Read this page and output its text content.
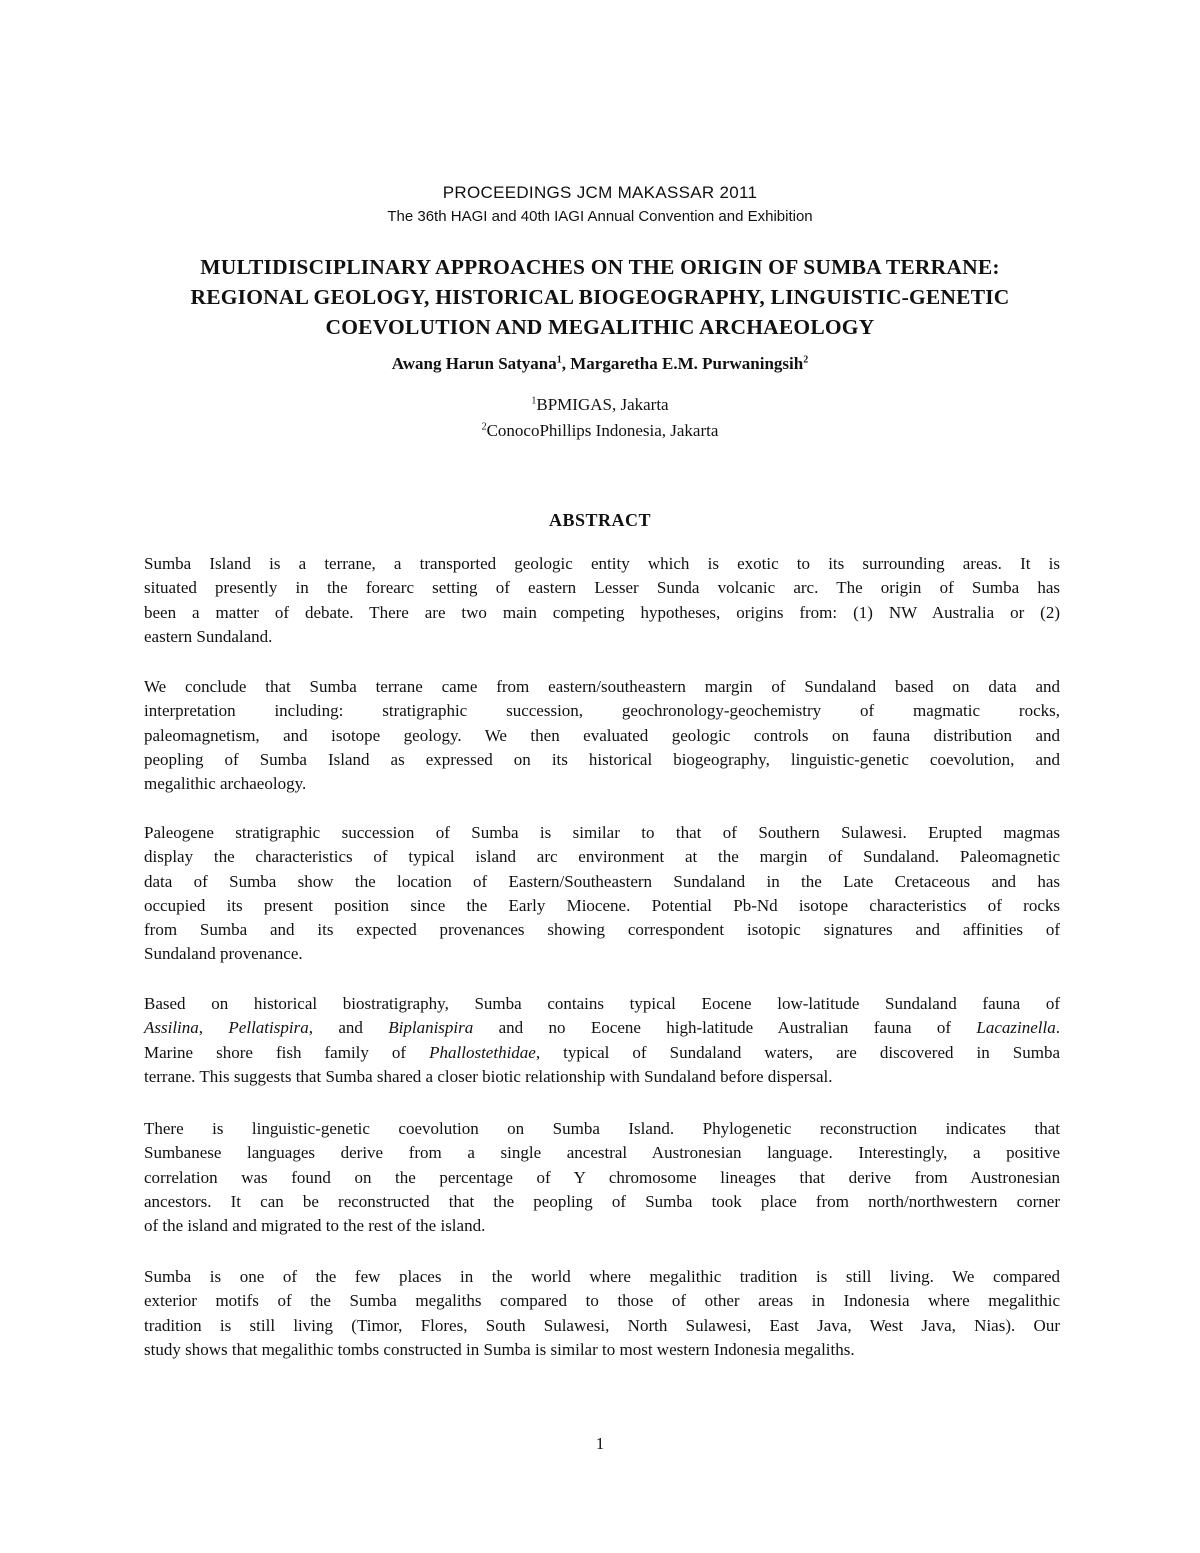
PROCEEDINGS JCM MAKASSAR 2011
The 36th HAGI and 40th IAGI Annual Convention and Exhibition
MULTIDISCIPLINARY APPROACHES ON THE ORIGIN OF SUMBA TERRANE:
REGIONAL GEOLOGY, HISTORICAL BIOGEOGRAPHY, LINGUISTIC-GENETIC
COEVOLUTION AND MEGALITHIC ARCHAEOLOGY
Awang Harun Satyana$^1$, Margaretha E.M. Purwaningsih$^2$
$^1$BPMIGAS, Jakarta
$^2$ConocoPhillips Indonesia, Jakarta
ABSTRACT
Sumba Island is a terrane, a transported geologic entity which is exotic to its surrounding areas. It is
situated presently in the forearc setting of eastern Lesser Sunda volcanic arc. The origin of Sumba has
been a matter of debate. There are two main competing hypotheses, origins from: (1) NW Australia or (2)
eastern Sundaland.
We conclude that Sumba terrane came from eastern/southeastern margin of Sundaland based on data and
interpretation including: stratigraphic succession, geochronology-geochemistry of magmatic rocks,
paleomagnetism, and isotope geology. We then evaluated geologic controls on fauna distribution and
peopling of Sumba Island as expressed on its historical biogeography, linguistic-genetic coevolution, and
megalithic archaeology.
Paleogene stratigraphic succession of Sumba is similar to that of Southern Sulawesi. Erupted magmas
display the characteristics of typical island arc environment at the margin of Sundaland. Paleomagnetic
data of Sumba show the location of Eastern/Southeastern Sundaland in the Late Cretaceous and has
occupied its present position since the Early Miocene. Potential Pb-Nd isotope characteristics of rocks
from Sumba and its expected provenances showing correspondent isotopic signatures and affinities of
Sundaland provenance.
Based on historical biostratigraphy, Sumba contains typical Eocene low-latitude Sundaland fauna of
Assilina, Pellatispira, and Biplanispira and no Eocene high-latitude Australian fauna of Lacazinella.
Marine shore fish family of Phallostethidae, typical of Sundaland waters, are discovered in Sumba
terrane. This suggests that Sumba shared a closer biotic relationship with Sundaland before dispersal.
There is linguistic-genetic coevolution on Sumba Island. Phylogenetic reconstruction indicates that
Sumbanese languages derive from a single ancestral Austronesian language. Interestingly, a positive
correlation was found on the percentage of Y chromosome lineages that derive from Austronesian
ancestors. It can be reconstructed that the peopling of Sumba took place from north/northwestern corner
of the island and migrated to the rest of the island.
Sumba is one of the few places in the world where megalithic tradition is still living. We compared
exterior motifs of the Sumba megaliths compared to those of other areas in Indonesia where megalithic
tradition is still living (Timor, Flores, South Sulawesi, North Sulawesi, East Java, West Java, Nias). Our
study shows that megalithic tombs constructed in Sumba is similar to most western Indonesia megaliths.
1
